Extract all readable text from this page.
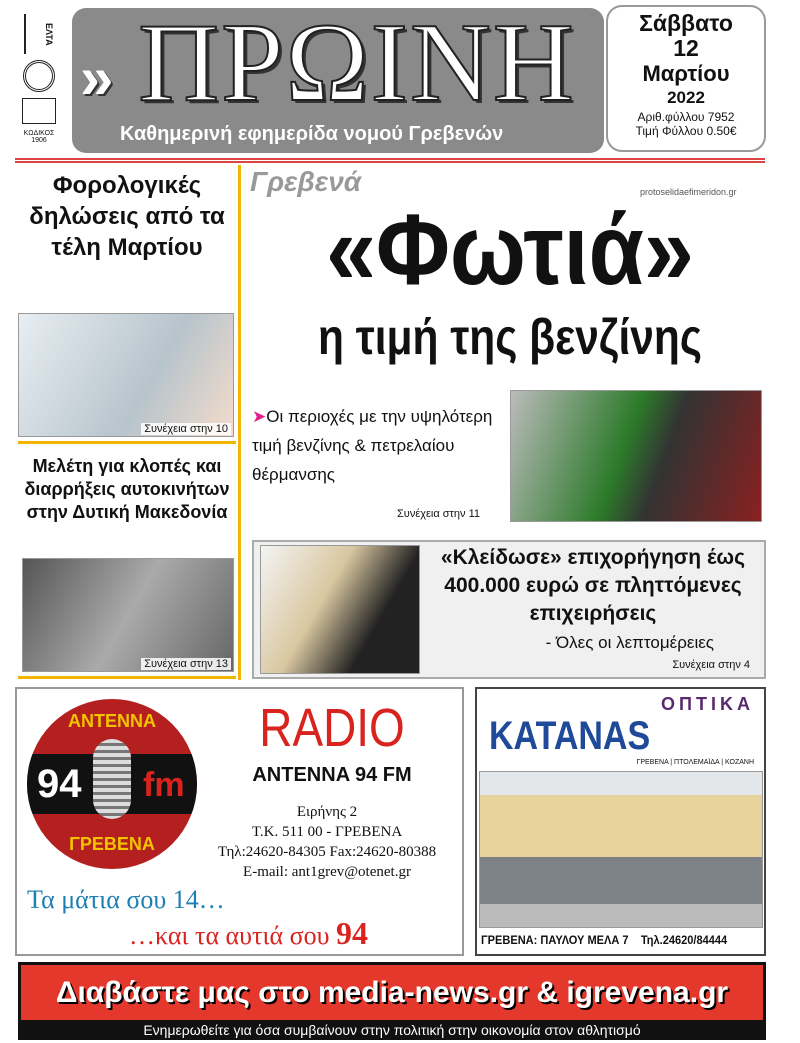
ΕΛΤΑ
ΚΩΔΙΚΟΣ
1906
» ΠΡΩΙΝΗ
Καθημερινή εφημερίδα νομού Γρεβενών
Σάββατο
12
Μαρτίου
2022
Αριθ.φύλλου 7952
Τιμή Φύλλου 0.50€
Φορολογικές δηλώσεις από τα τέλη Μαρτίου
Συνέχεια στην 10
Μελέτη για κλοπές και διαρρήξεις αυτοκινήτων στην Δυτική Μακεδονία
Συνέχεια στην 13
Γρεβενά	protoselidaefimeridon.gr
«Φωτιά»
η τιμή της βενζίνης
➤Οι περιοχές με την υψηλότερη τιμή βενζίνης & πετρελαίου θέρμανσης
Συνέχεια στην 11
«Κλείδωσε» επιχορήγηση έως 400.000 ευρώ σε πληττόμενες επιχειρήσεις
- Όλες οι λεπτομέρειες
Συνέχεια στην 4
ΑΝΤΕΝΝΑ
94 fm
ΓΡΕΒΕΝΑ
RADIO
ANTENNA 94 FM
Ειρήνης 2
Τ.Κ. 511 00 - ΓΡΕΒΕΝΑ
Τηλ:24620-84305 Fax:24620-80388
E-mail: ant1grev@otenet.gr
Τα μάτια σου 14…
…και τα αυτιά σου 94
ΟΠΤΙΚΑ
KATANAS
ΓΡΕΒΕΝΑ | ΠΤΟΛΕΜΑΪΔΑ | ΚΟΖΑΝΗ
ΓΡΕΒΕΝΑ: ΠΑΥΛΟΥ ΜΕΛΑ 7    Τηλ.24620/84444
Διαβάστε μας στο media-news.gr & igrevena.gr
Ενημερωθείτε για όσα συμβαίνουν στην πολιτική στην οικονομία στον αθλητισμό
